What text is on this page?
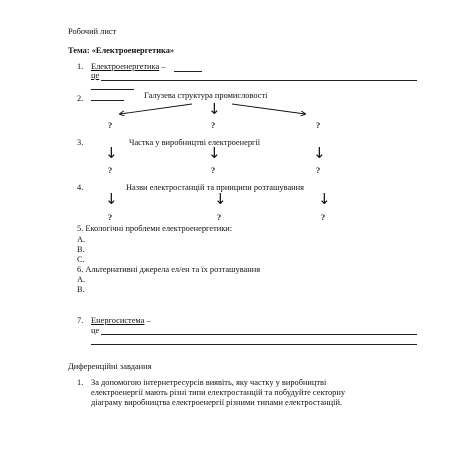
Робочий лист
Тема: «Електроенергетика»
1. Електроенергетика –
це
2.	Галузева структура промисловості
↓
?	?	?
3.	Частка у виробництві електроенергії
↓	↓	↓
?	?	?
4.	Назви електростанцій та принципи розташування
↓	↓	↓
?	?	?
5. Екологічні проблеми електроенергетики:
А.
В.
С.
6. Альтернативні джерела ел/ен та їх розташування
А.
В.
7. Енергосистема –
це
Диференційні завдання
1. За допомогою інтернетресурсів виявіть, яку частку у виробництві
електроенергії мають різні типи електростанцій та побудуйте секторну
діаграму виробництва електроенергії різними типами електростанцій.
